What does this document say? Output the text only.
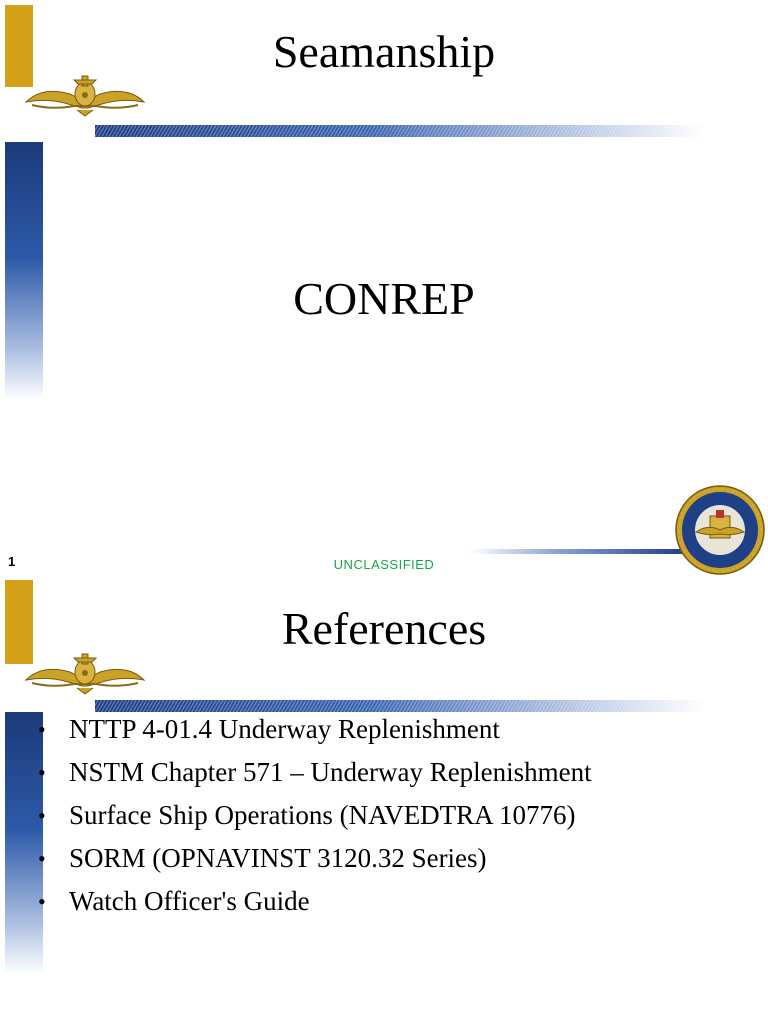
Seamanship
CONREP
1	UNCLASSIFIED
References
• NTTP 4-01.4 Underway Replenishment
• NSTM Chapter 571 – Underway Replenishment
• Surface Ship Operations (NAVEDTRA 10776)
• SORM (OPNAVINST 3120.32 Series)
• Watch Officer's Guide
